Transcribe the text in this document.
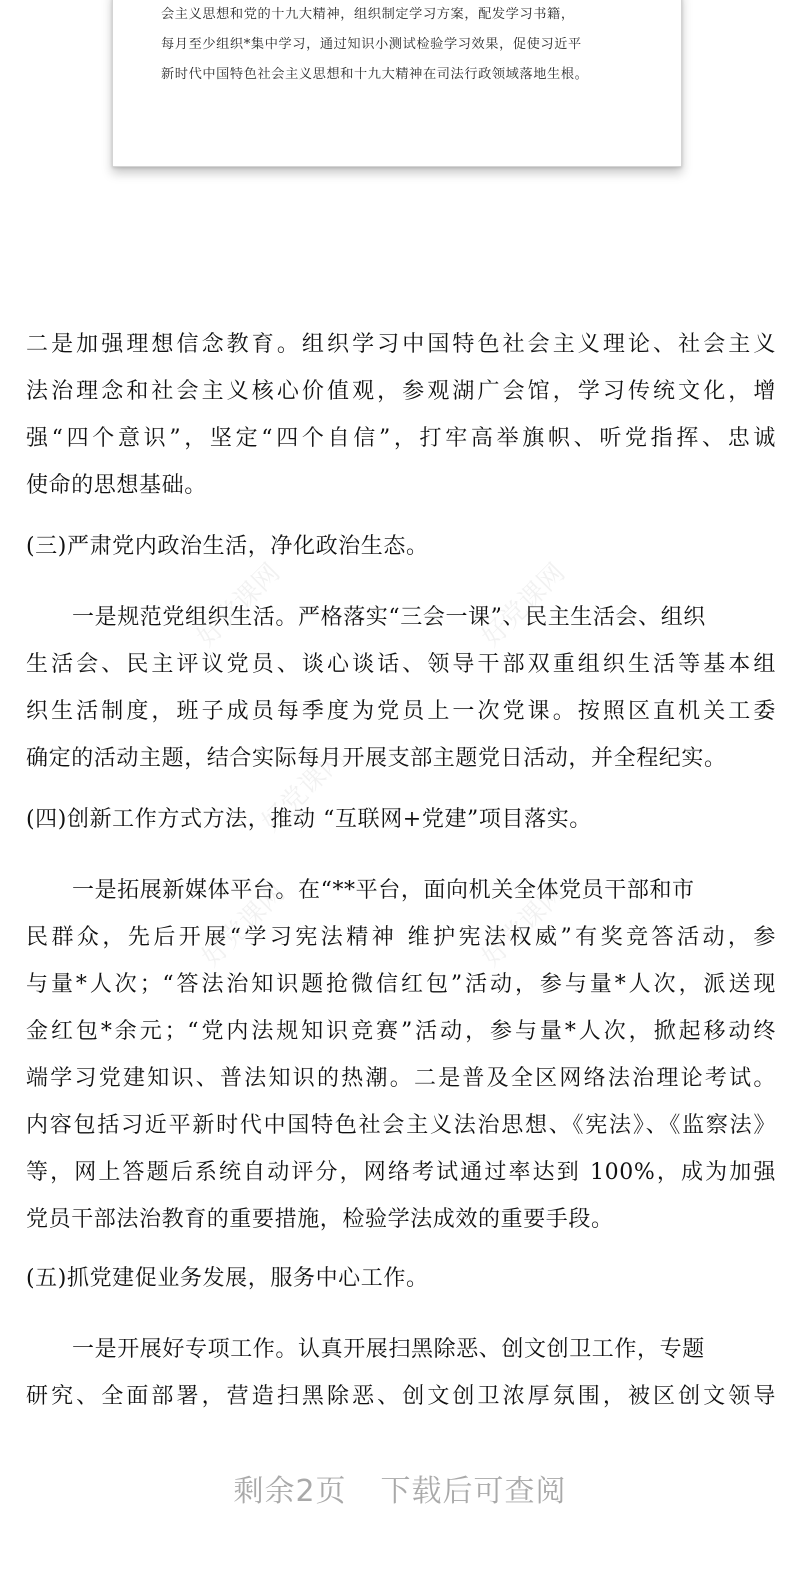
好党课网	好党课网
好党课网
好党课网	好党课网
会主义思想和党的十九大精神，组织制定学习方案，配发学习书籍，
每月至少组织*集中学习，通过知识小测试检验学习效果，促使习近平
新时代中国特色社会主义思想和十九大精神在司法行政领域落地生根。
二是加强理想信念教育。组织学习中国特色社会主义理论、社会主义
法治理念和社会主义核心价值观，参观湖广会馆，学习传统文化，增
强“四个意识”，坚定“四个自信”，打牢高举旗帜、听党指挥、忠诚
使命的思想基础。
(三)严肃党内政治生活，净化政治生态。
一是规范党组织生活。严格落实“三会一课”、民主生活会、组织
生活会、民主评议党员、谈心谈话、领导干部双重组织生活等基本组
织生活制度，班子成员每季度为党员上一次党课。按照区直机关工委
确定的活动主题，结合实际每月开展支部主题党日活动，并全程纪实。
(四)创新工作方式方法，推动 “互联网+党建”项目落实。
一是拓展新媒体平台。在“**平台，面向机关全体党员干部和市
民群众，先后开展“学习宪法精神 维护宪法权威”有奖竞答活动，参
与量*人次；“答法治知识题抢微信红包”活动，参与量*人次，派送现
金红包*余元；“党内法规知识竞赛”活动，参与量*人次，掀起移动终
端学习党建知识、普法知识的热潮。二是普及全区网络法治理论考试。
内容包括习近平新时代中国特色社会主义法治思想、《宪法》、《监察法》
等，网上答题后系统自动评分，网络考试通过率达到 100%，成为加强
党员干部法治教育的重要措施，检验学法成效的重要手段。
(五)抓党建促业务发展，服务中心工作。
一是开展好专项工作。认真开展扫黑除恶、创文创卫工作，专题
研究、全面部署，营造扫黑除恶、创文创卫浓厚氛围，被区创文领导
剩余2页 下载后可查阅
